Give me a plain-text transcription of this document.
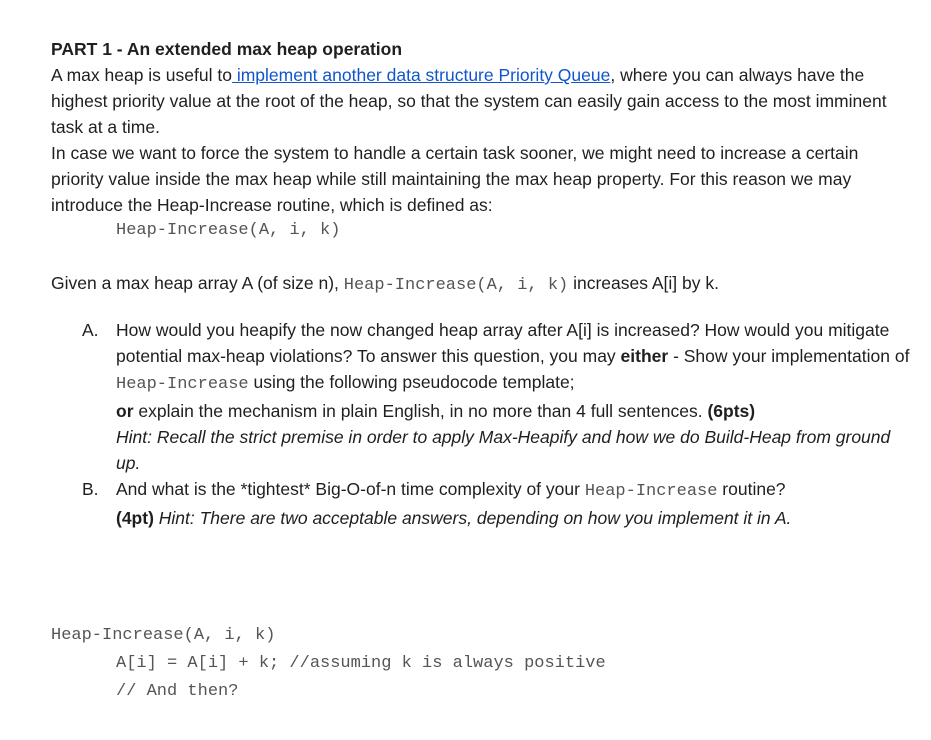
PART 1 - An extended max heap operation

A max heap is useful to implement another data structure Priority Queue, where you can always have the highest priority value at the root of the heap, so that the system can easily gain access to the most imminent task at a time.

In case we want to force the system to handle a certain task sooner, we might need to increase a certain priority value inside the max heap while still maintaining the max heap property. For this reason we may introduce the Heap-Increase routine, which is defined as:

Heap-Increase(A, i, k)

Given a max heap array A (of size n), Heap-Increase(A, i, k) increases A[i] by k.

A. How would you heapify the now changed heap array after A[i] is increased? How would you mitigate potential max-heap violations? To answer this question, you may either - Show your implementation of Heap-Increase using the following pseudocode template;
or explain the mechanism in plain English, in no more than 4 full sentences. (6pts)
Hint: Recall the strict premise in order to apply Max-Heapify and how we do Build-Heap from ground up.
B. And what is the *tightest* Big-O-of-n time complexity of your Heap-Increase routine?
(4pt) Hint: There are two acceptable answers, depending on how you implement it in A.
Heap-Increase(A, i, k)
A[i] = A[i] + k; //assuming k is always positive
// And then?
